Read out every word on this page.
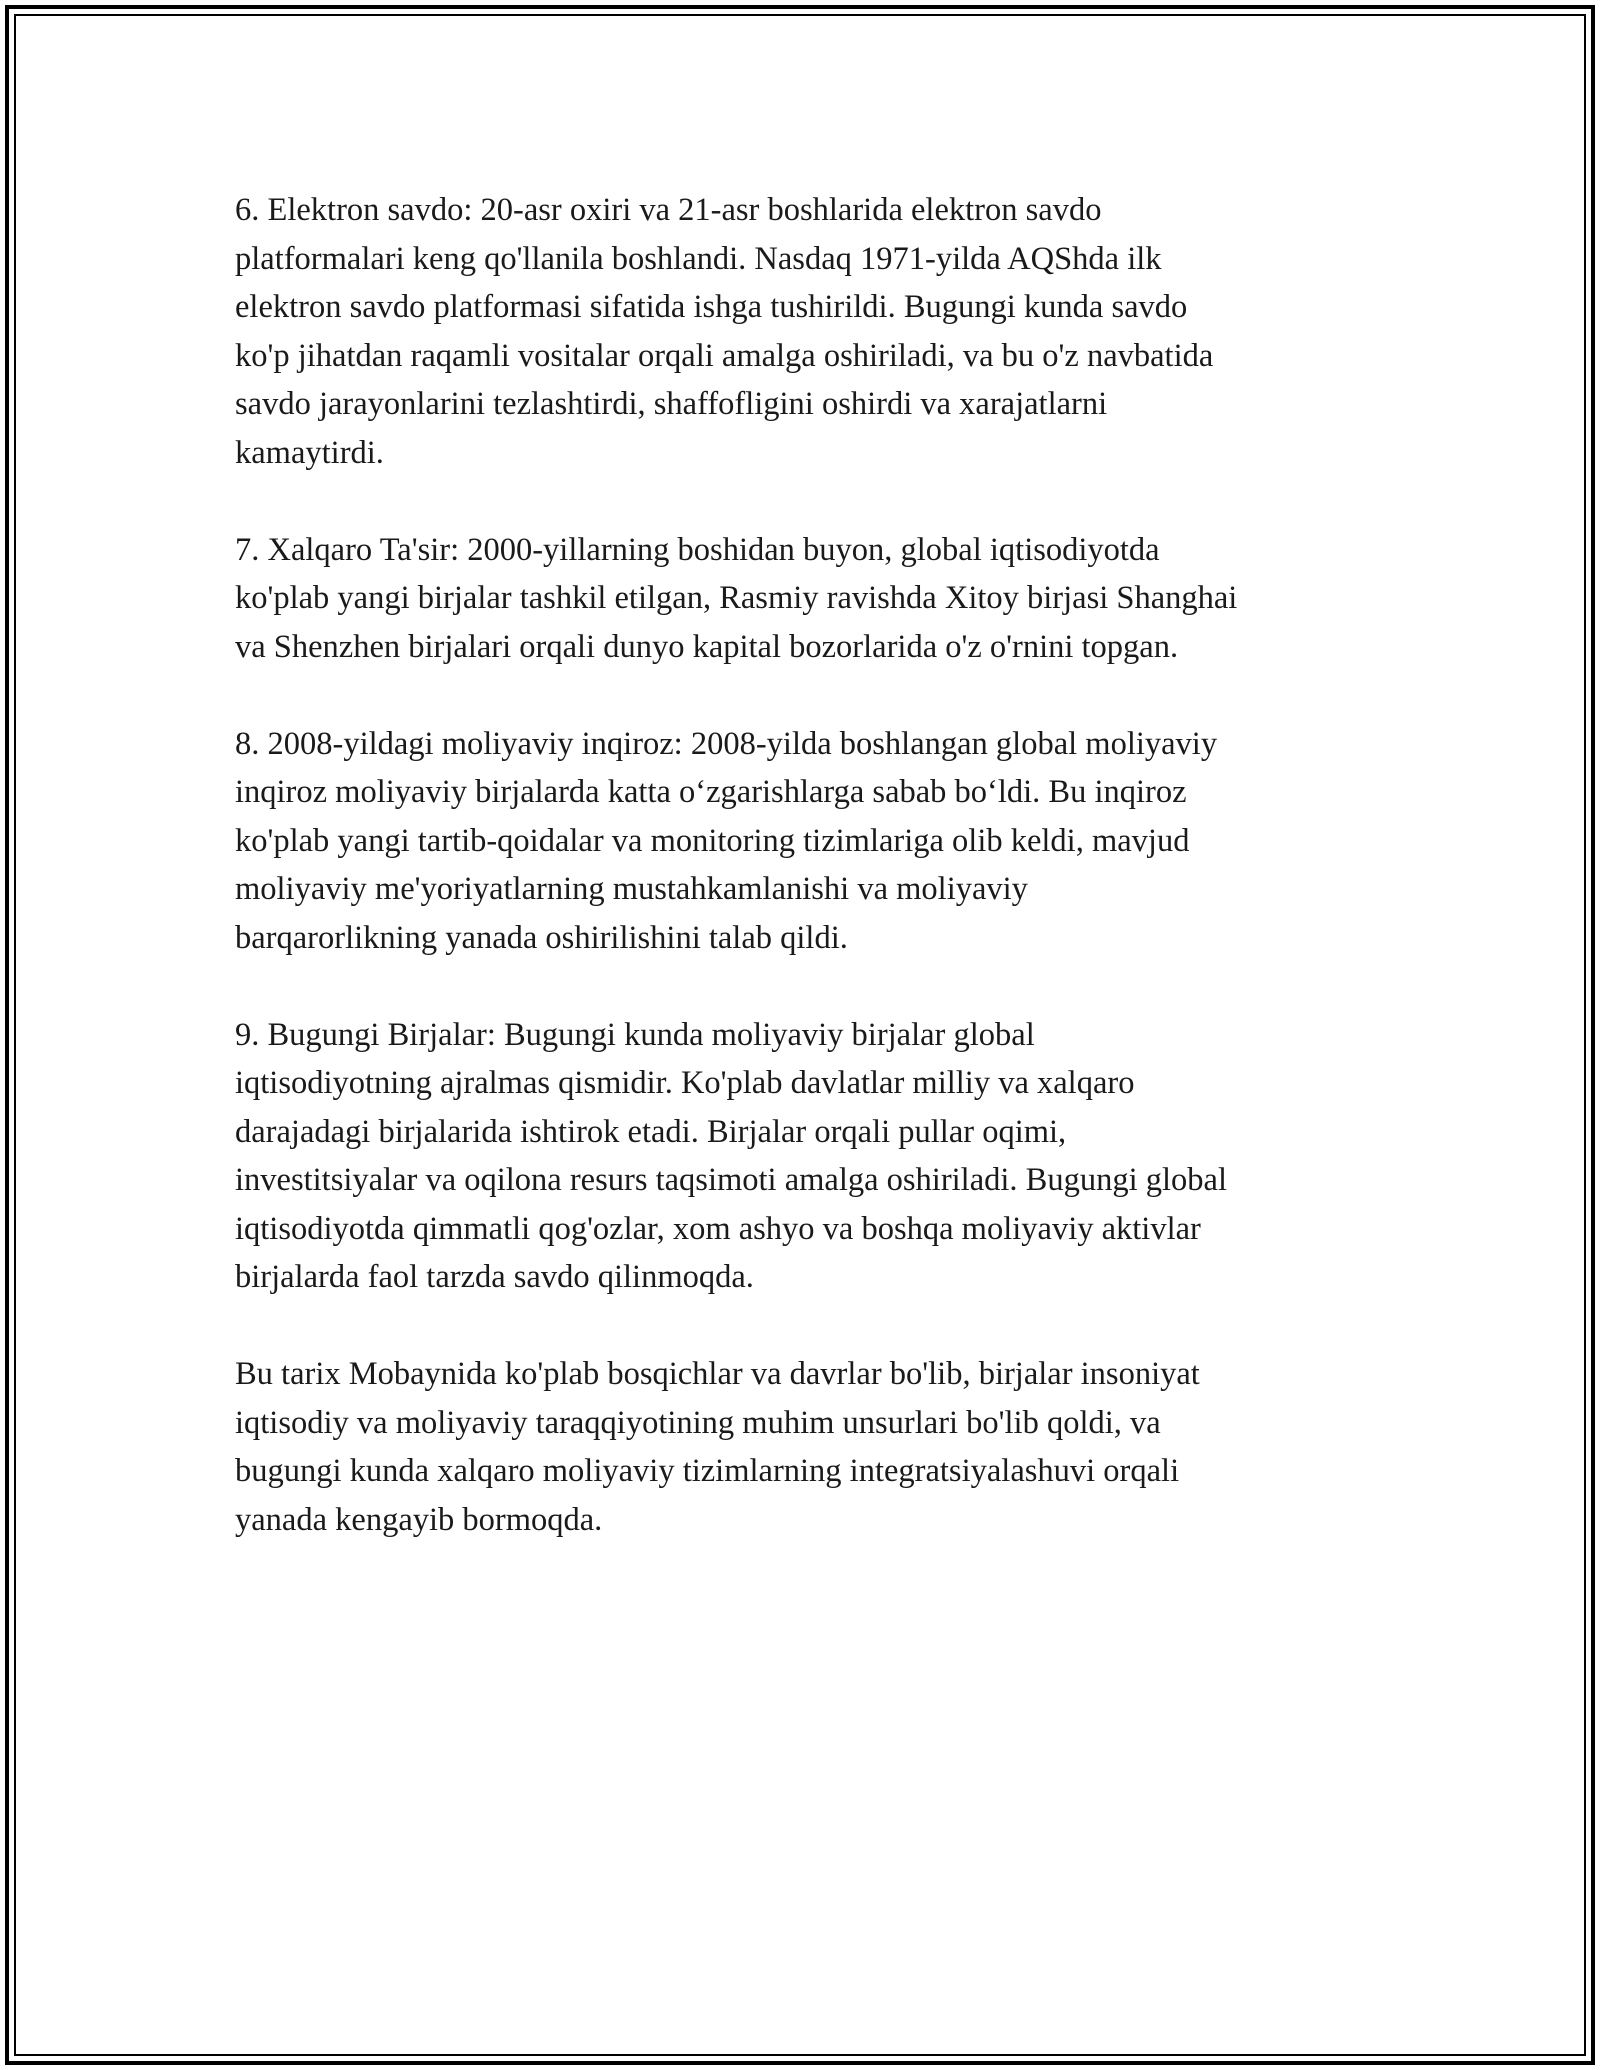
6. Elektron savdo: 20-asr oxiri va 21-asr boshlarida elektron savdo
platformalari keng qo'llanila boshlandi. Nasdaq 1971-yilda AQShda ilk
elektron savdo platformasi sifatida ishga tushirildi. Bugungi kunda savdo
ko'p jihatdan raqamli vositalar orqali amalga oshiriladi, va bu o'z navbatida
savdo jarayonlarini tezlashtirdi, shaffofligini oshirdi va xarajatlarni
kamaytirdi.

7. Xalqaro Ta'sir: 2000-yillarning boshidan buyon, global iqtisodiyotda
ko'plab yangi birjalar tashkil etilgan, Rasmiy ravishda Xitoy birjasi Shanghai
va Shenzhen birjalari orqali dunyo kapital bozorlarida o'z o'rnini topgan.

8. 2008-yildagi moliyaviy inqiroz: 2008-yilda boshlangan global moliyaviy
inqiroz moliyaviy birjalarda katta o‘zgarishlarga sabab bo‘ldi. Bu inqiroz
ko'plab yangi tartib-qoidalar va monitoring tizimlariga olib keldi, mavjud
moliyaviy me'yoriyatlarning mustahkamlanishi va moliyaviy
barqarorlikning yanada oshirilishini talab qildi.

9. Bugungi Birjalar: Bugungi kunda moliyaviy birjalar global
iqtisodiyotning ajralmas qismidir. Ko'plab davlatlar milliy va xalqaro
darajadagi birjalarida ishtirok etadi. Birjalar orqali pullar oqimi,
investitsiyalar va oqilona resurs taqsimoti amalga oshiriladi. Bugungi global
iqtisodiyotda qimmatli qog'ozlar, xom ashyo va boshqa moliyaviy aktivlar
birjalarda faol tarzda savdo qilinmoqda.

Bu tarix Mobaynida ko'plab bosqichlar va davrlar bo'lib, birjalar insoniyat
iqtisodiy va moliyaviy taraqqiyotining muhim unsurlari bo'lib qoldi, va
bugungi kunda xalqaro moliyaviy tizimlarning integratsiyalashuvi orqali
yanada kengayib bormoqda.
